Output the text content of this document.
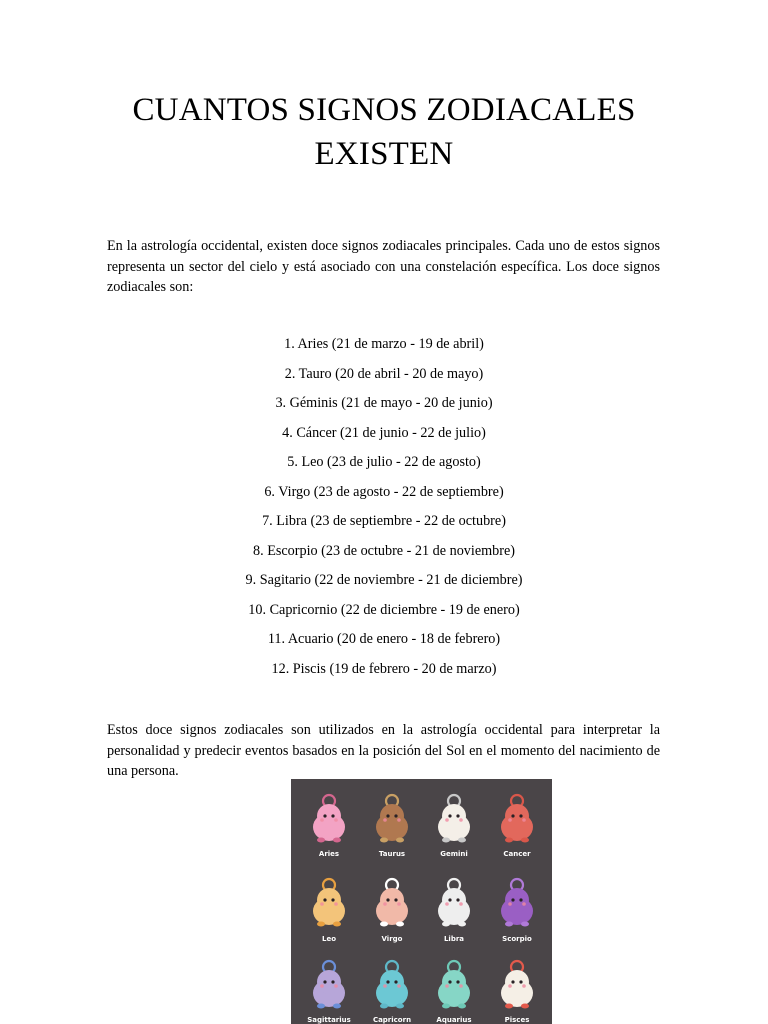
CUANTOS SIGNOS ZODIACALES
EXISTEN

En la astrología occidental, existen doce signos zodiacales principales. Cada uno de estos signos representa un sector del cielo y está asociado con una constelación específica. Los doce signos zodiacales son:

1. Aries (21 de marzo - 19 de abril)
2. Tauro (20 de abril - 20 de mayo)
3. Géminis (21 de mayo - 20 de junio)
4. Cáncer (21 de junio - 22 de julio)
5. Leo (23 de julio - 22 de agosto)
6. Virgo (23 de agosto - 22 de septiembre)
7. Libra (23 de septiembre - 22 de octubre)
8. Escorpio (23 de octubre - 21 de noviembre)
9. Sagitario (22 de noviembre - 21 de diciembre)
10. Capricornio (22 de diciembre - 19 de enero)
11. Acuario (20 de enero - 18 de febrero)
12. Piscis (19 de febrero - 20 de marzo)

Estos doce signos zodiacales son utilizados en la astrología occidental para interpretar la personalidad y predecir eventos basados en la posición del Sol en el momento del nacimiento de una persona.

Aries	Taurus	Gemini	Cancer
Leo	Virgo	Libra	Scorpio
Sagittarius	Capricorn	Aquarius	Pisces
